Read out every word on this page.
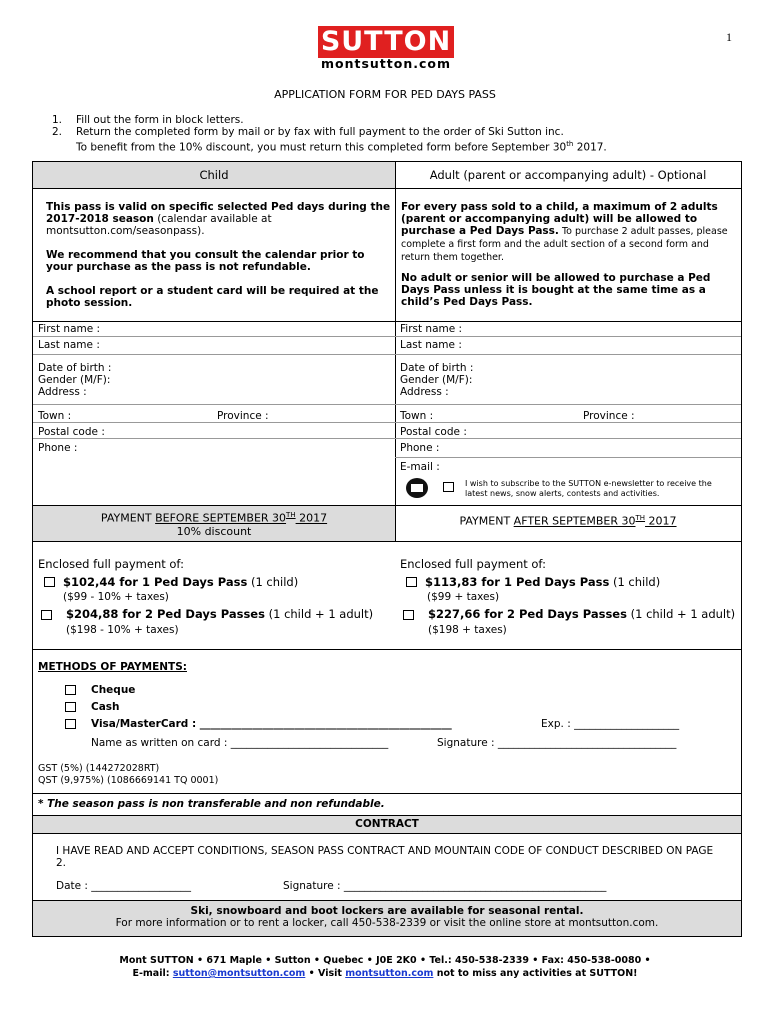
1
SUTTON
montsutton.com
APPLICATION FORM FOR PED DAYS PASS
1. Fill out the form in block letters.
2. Return the completed form by mail or by fax with full payment to the order of Ski Sutton inc.
To benefit from the 10% discount, you must return this completed form before September 30th 2017.
Child	Adult (parent or accompanying adult) - Optional
This pass is valid on specific selected Ped days during the 2017-2018 season (calendar available at montsutton.com/seasonpass).
We recommend that you consult the calendar prior to your purchase as the pass is not refundable.
A school report or a student card will be required at the photo session.
For every pass sold to a child, a maximum of 2 adults (parent or accompanying adult) will be allowed to purchase a Ped Days Pass. To purchase 2 adult passes, please complete a first form and the adult section of a second form and return them together.
No adult or senior will be allowed to purchase a Ped Days Pass unless it is bought at the same time as a child’s Ped Days Pass.
First name :
Last name :
Date of birth :
Gender (M/F):
Address :
Town :	Province :
Postal code :
Phone :
First name :
Last name :
Date of birth :
Gender (M/F):
Address :
Town :	Province :
Postal code :
Phone :
E-mail :
I wish to subscribe to the SUTTON e-newsletter to receive the latest news, snow alerts, contests and activities.
PAYMENT BEFORE SEPTEMBER 30TH 2017
10% discount
PAYMENT AFTER SEPTEMBER 30TH 2017
Enclosed full payment of:
$102,44 for 1 Ped Days Pass (1 child)
($99 - 10% + taxes)
$204,88 for 2 Ped Days Passes (1 child + 1 adult)
($198 - 10% + taxes)
Enclosed full payment of:
$113,83 for 1 Ped Days Pass (1 child)
($99 + taxes)
$227,66 for 2 Ped Days Passes (1 child + 1 adult)
($198 + taxes)
METHODS OF PAYMENTS:
Cheque
Cash
Visa/MasterCard : ________________________________________________	Exp. : ____________________
Name as written on card : ______________________________	Signature : __________________________________
GST (5%) (144272028RT)
QST (9,975%) (1086669141 TQ 0001)
* The season pass is non transferable and non refundable.
CONTRACT
I HAVE READ AND ACCEPT CONDITIONS, SEASON PASS CONTRACT AND MOUNTAIN CODE OF CONDUCT DESCRIBED ON PAGE 2.
Date : ___________________	Signature : __________________________________________________
Ski, snowboard and boot lockers are available for seasonal rental.
For more information or to rent a locker, call 450-538-2339 or visit the online store at montsutton.com.
Mont SUTTON • 671 Maple • Sutton • Quebec • J0E 2K0 • Tel.: 450-538-2339 • Fax: 450-538-0080 •
E-mail: sutton@montsutton.com • Visit montsutton.com not to miss any activities at SUTTON!
